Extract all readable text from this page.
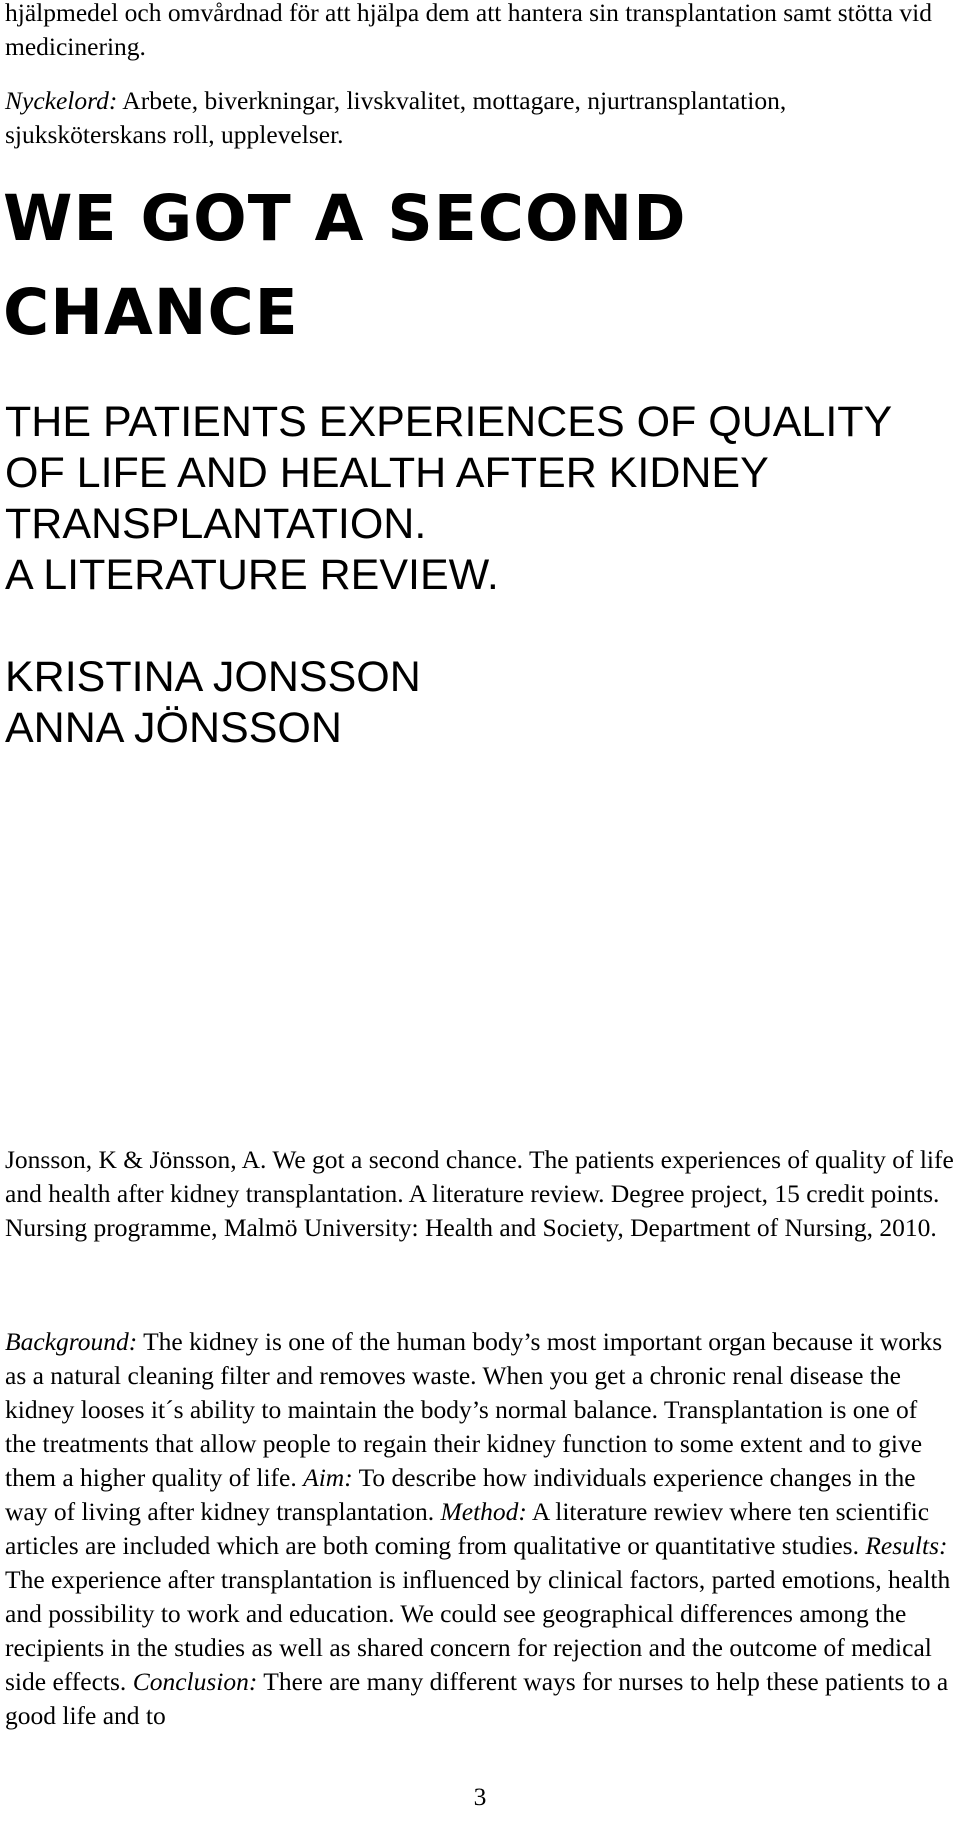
hjälpmedel och omvårdnad för att hjälpa dem att hantera sin transplantation samt stötta vid medicinering.

Nyckelord: Arbete, biverkningar, livskvalitet, mottagare, njurtransplantation, sjuksköterskans roll, upplevelser.

WE GOT A SECOND
CHANCE
THE PATIENTS EXPERIENCES OF QUALITY
OF LIFE AND HEALTH AFTER KIDNEY
TRANSPLANTATION.
A LITERATURE REVIEW.
KRISTINA JONSSON
ANNA JÖNSSON

Jonsson, K & Jönsson, A. We got a second chance. The patients experiences of quality of life and health after kidney transplantation. A literature review. Degree project, 15 credit points. Nursing programme, Malmö University: Health and Society, Department of Nursing, 2010.

Background: The kidney is one of the human body’s most important organ because it works as a natural cleaning filter and removes waste. When you get a chronic renal disease the kidney looses it´s ability to maintain the body’s normal balance. Transplantation is one of the treatments that allow people to regain their kidney function to some extent and to give them a higher quality of life. Aim: To describe how individuals experience changes in the way of living after kidney transplantation. Method: A literature rewiev where ten scientific articles are included which are both coming from qualitative or quantitative studies. Results: The experience after transplantation is influenced by clinical factors, parted emotions, health and possibility to work and education. We could see geographical differences among the recipients in the studies as well as shared concern for rejection and the outcome of medical side effects. Conclusion: There are many different ways for nurses to help these patients to a good life and to

3
